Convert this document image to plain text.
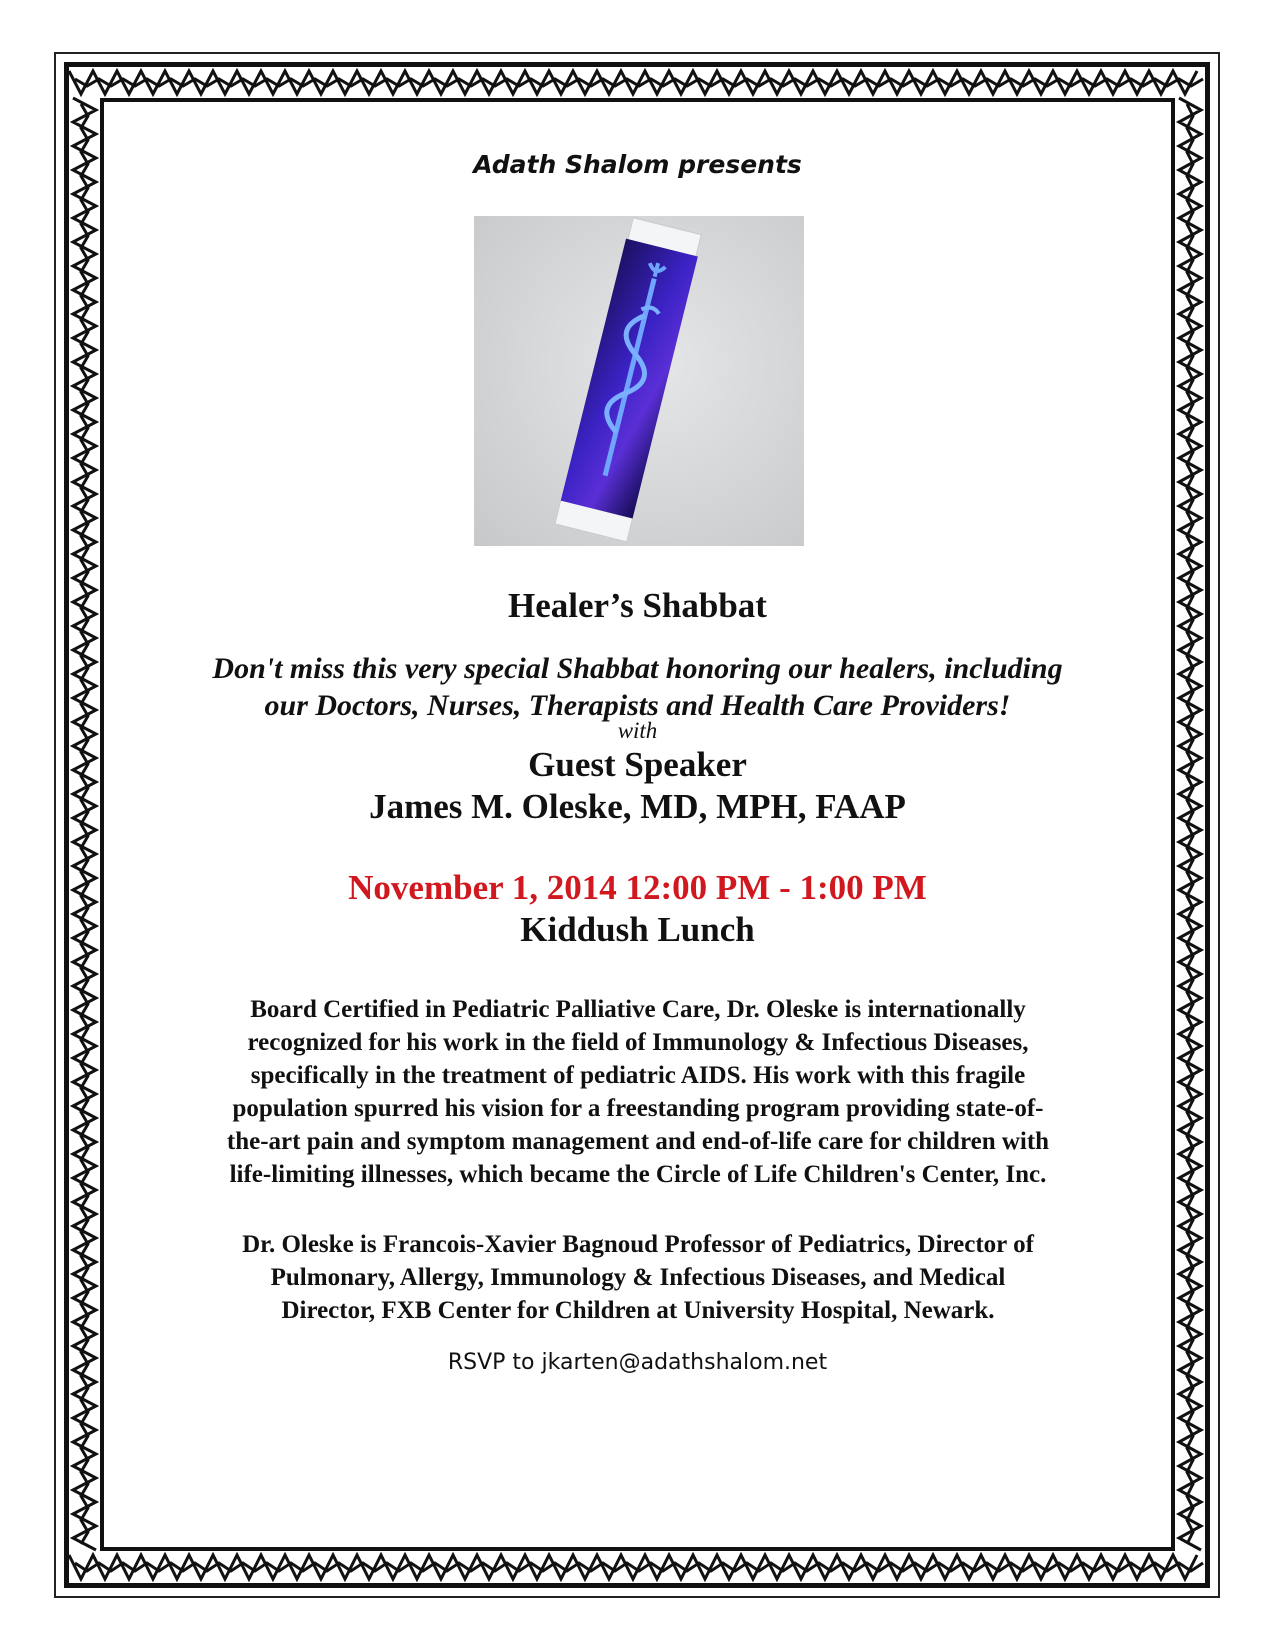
Adath Shalom presents
Healer’s Shabbat
Don't miss this very special Shabbat honoring our healers, including
our Doctors, Nurses, Therapists and Health Care Providers!
with
Guest Speaker
James M. Oleske, MD, MPH, FAAP
November 1, 2014 12:00 PM - 1:00 PM
Kiddush Lunch
Board Certified in Pediatric Palliative Care, Dr. Oleske is internationally
recognized for his work in the field of Immunology & Infectious Diseases,
specifically in the treatment of pediatric AIDS. His work with this fragile
population spurred his vision for a freestanding program providing state-of-
the-art pain and symptom management and end-of-life care for children with
life-limiting illnesses, which became the Circle of Life Children's Center, Inc.
Dr. Oleske is Francois-Xavier Bagnoud Professor of Pediatrics, Director of
Pulmonary, Allergy, Immunology & Infectious Diseases, and Medical
Director, FXB Center for Children at University Hospital, Newark.
RSVP to jkarten@adathshalom.net
